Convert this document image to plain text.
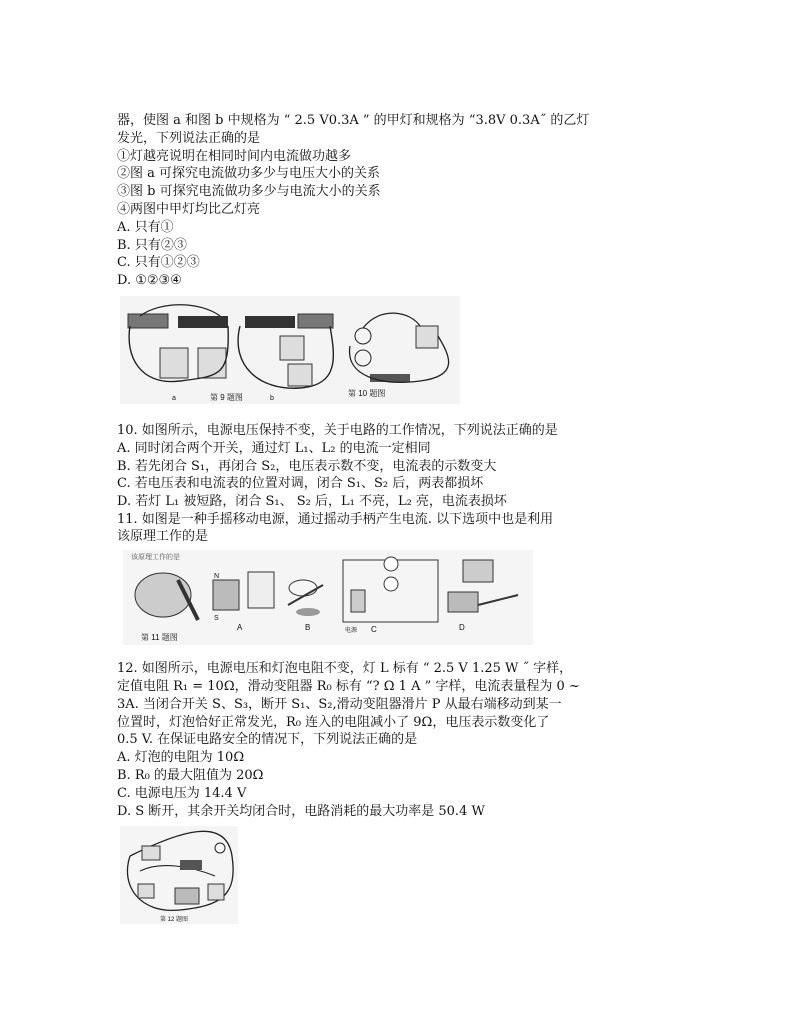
器，使图 a 和图 b 中规格为 “ 2.5 V0.3A ” 的甲灯和规格为 “3.8V 0.3A˝ 的乙灯
发光，下列说法正确的是
①灯越亮说明在相同时间内电流做功越多
②图 a 可探究电流做功多少与电压大小的关系
③图 b 可探究电流做功多少与电流大小的关系
④两图中甲灯均比乙灯亮
A. 只有①
B. 只有②③
C. 只有①②③
D. ①②③④
a	第 9 题图	b
第 10 题图
10. 如图所示，电源电压保持不变，关于电路的工作情况，下列说法正确的是
A. 同时闭合两个开关，通过灯 L₁、L₂ 的电流一定相同
B. 若先闭合 S₁，再闭合 S₂，电压表示数不变，电流表的示数变大
C. 若电压表和电流表的位置对调，闭合 S₁、S₂ 后，两表都损坏
D. 若灯 L₁ 被短路，闭合 S₁、 S₂ 后，L₁ 不亮，L₂ 亮，电流表损坏
11. 如图是一种手摇移动电源，通过摇动手柄产生电流. 以下选项中也是利用
该原理工作的是
该原理工作的是
N
S
A	B	电源 C	D
第 11 题图
12. 如图所示，电源电压和灯泡电阻不变，灯 L 标有 “ 2.5 V 1.25 W ˝ 字样，
定值电阻 R₁ = 10Ω，滑动变阻器 R₀ 标有 “? Ω 1 A ” 字样，电流表量程为 0 ~
3A. 当闭合开关 S、S₃，断开 S₁、S₂,滑动变阻器滑片 P 从最右端移动到某一
位置时，灯泡恰好正常发光，R₀ 连入的电阻减小了 9Ω，电压表示数变化了
0.5 V. 在保证电路安全的情况下，下列说法正确的是
A. 灯泡的电阻为 10Ω
B. R₀ 的最大阻值为 20Ω
C. 电源电压为 14.4 V
D. S 断开，其余开关均闭合时，电路消耗的最大功率是 50.4 W
第 12 题图
